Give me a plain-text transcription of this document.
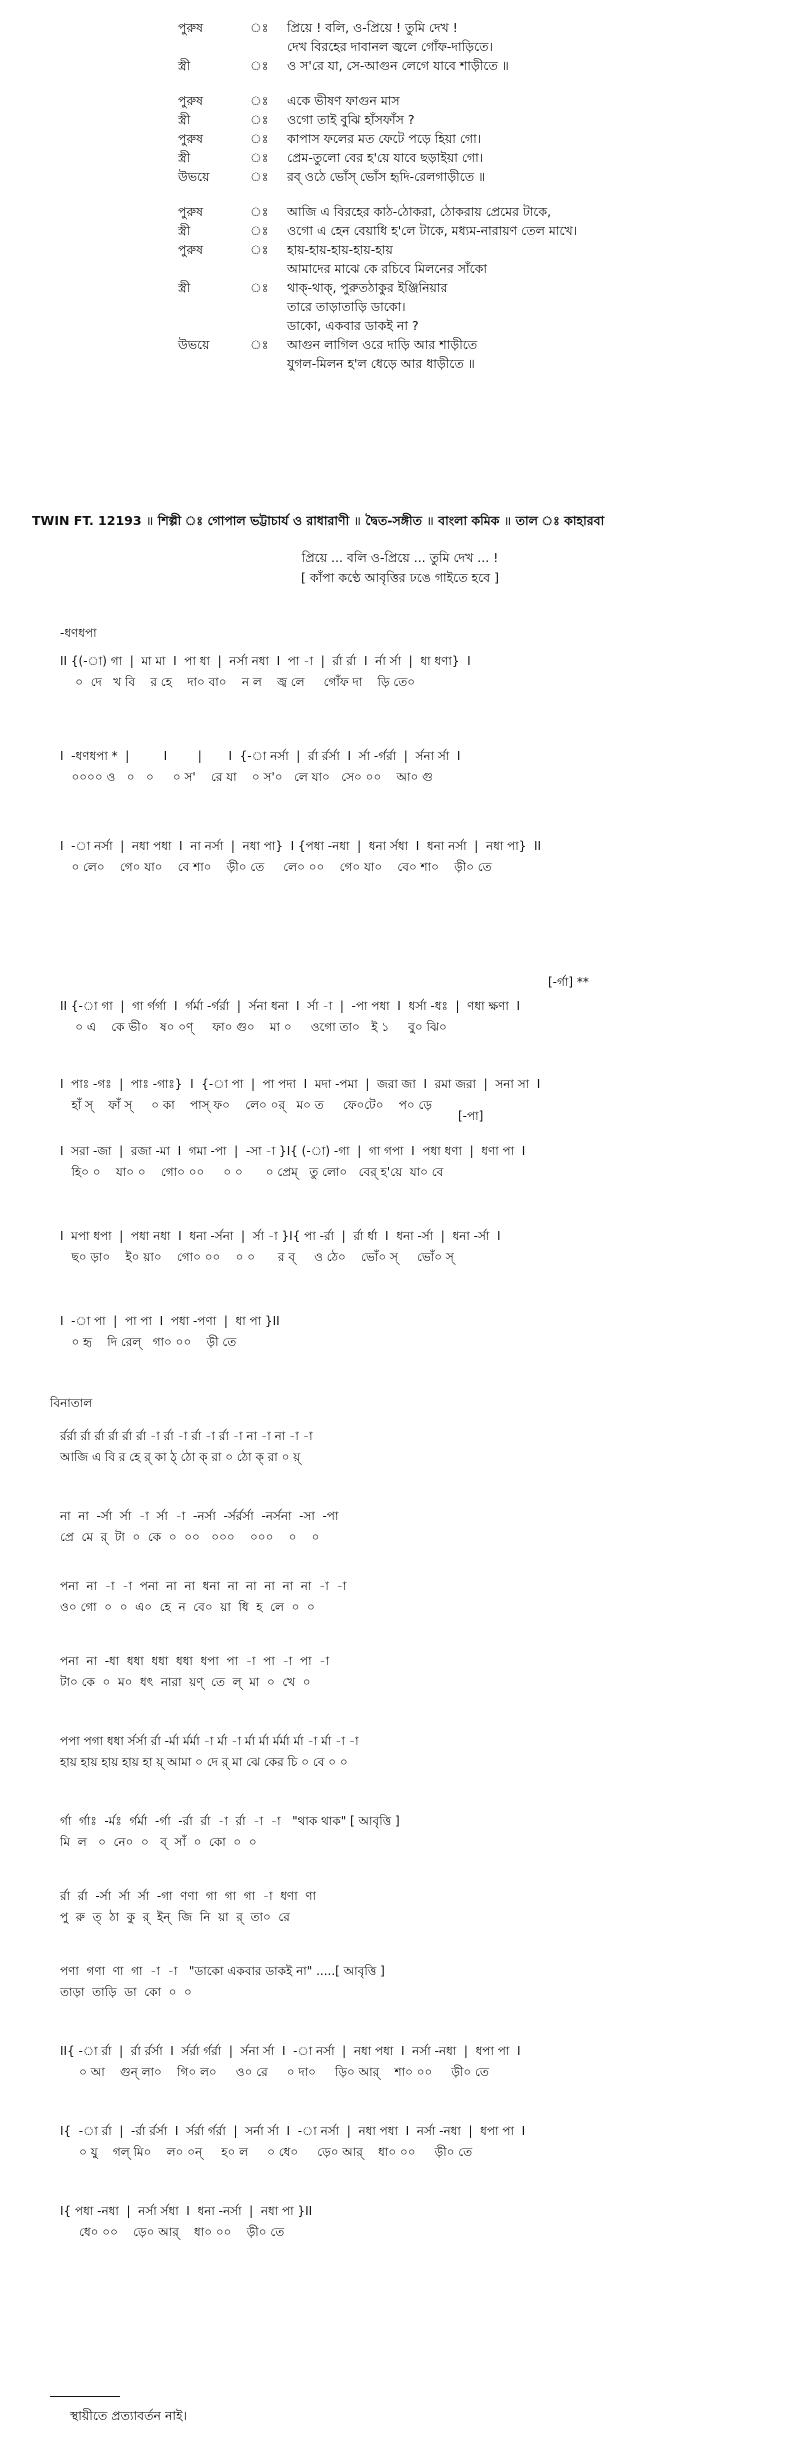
পুরুষ	ঃ প্রিয়ে ! বলি, ও-প্রিয়ে ! তুমি দেখ !
দেখ বিরহের দাবানল জ্বলে গোঁফ-দাড়িতে।
স্ত্রী	ঃ ও স'রে যা, সে-আগুন লেগে যাবে শাড়ীতে ॥
পুরুষ	ঃ একে ভীষণ ফাগুন মাস
স্ত্রী	ঃ ওগো তাই বুঝি হাঁসফাঁস ?
পুরুষ	ঃ কাপাস ফলের মত ফেটে পড়ে হিয়া গো।
স্ত্রী	ঃ প্রেম-তুলো বের হ'য়ে যাবে ছড়াইয়া গো।
উভয়ে	ঃ রব্ ওঠে ভোঁস্ ভোঁস হৃদি-রেলগাড়ীতে ॥
পুরুষ	ঃ আজি এ বিরহের কাঠ-ঠোকরা, ঠোকরায় প্রেমের টাকে,
স্ত্রী	ঃ ওগো এ হেন বেয়াধি হ'লে টাকে, মধ্যম-নারায়ণ তেল মাখে।
পুরুষ	ঃ হায়-হায়-হায়-হায়-হায়
আমাদের মাঝে কে রচিবে মিলনের সাঁকো
স্ত্রী	ঃ থাক্-থাক্, পুরুতঠাকুর ইঞ্জিনিয়ার
তারে তাড়াতাড়ি ডাকো।
ডাকো, একবার ডাকই না ?
উভয়ে	ঃ আগুন লাগিল ওরে দাড়ি আর শাড়ীতে
যুগল-মিলন হ'ল ধেড়ে আর ধাড়ীতে ॥
TWIN FT. 12193 ॥ শিল্পী ঃ গোপাল ভট্টাচার্য ও রাধারাণী ॥ দ্বৈত-সঙ্গীত ॥ বাংলা কমিক ॥ তাল ঃ কাহারবা
প্রিয়ে ... বলি ও-প্রিয়ে ... তুমি দেখ ... !
[ কাঁপা কণ্ঠে আবৃত্তির ঢঙে গাইতে হবে ]
-ধণধপা
[-র্গা] **
[-পা]
বিনাতাল
II {(-া) গা  |  মা মা  I  পা ধা  |  নর্সা নধা  I  পা -া  |  র্রা র্রা  I  র্না র্সা  |  ধা ধণা}  I
০  দে   খ বি    র হে    দা০ বা০    ন ল    জ্ব লে     গোঁফ দা    ড়ি তে০
I  -ধণধপা *  |         I        |       I  {-া নর্সা  |  র্রা র্রর্সা  I  র্সা -র্গর্রা  |  র্সনা র্সা  I
০০০০ ও   ০   ০     ০ স'    রে যা    ০ স'০   লে যা০   সে০ ০০    আ০ গু
I  -া নর্সা  |  নধা পধা  I  না নর্সা  |  নধা পা}  I {পধা -নধা  |  ধনা র্সধা  I  ধনা নর্সা  |  নধা পা}  II
০ লে০    গে০ যা০    বে শা০    ড়ী০ তে     লে০ ০০    গে০ যা০    বে০ শা০    ড়ী০ তে
II {-া গা  |  গা র্গর্গা  I  র্গর্মা -র্গর্রা  |  র্সনা ধনা  I  র্সা -া  |  -পা পধা  I  ধর্সা -ধঃ  |  ণধা ক্ষণা  I
০ এ    কে ভী০   ষ০ ০ণ্     ফা০ গু০    মা ০     ওগো তা০   ই ১     বু০ ঝি০
I  পাঃ -গঃ  |  পাঃ -গাঃ}  I  {-া পা  |  পা পদা  I  মদা -পমা  |  জরা জা  I  রমা জরা  |  সনা সা  I
হাঁ স্    ফাঁ স্     ০ কা    পাস্ ফ০    লে০ ০র্   ম০ ত     ফে০টে০    প০ ড়ে
I  সরা -জা  |  রজা -মা  I  গমা -পা  |  -সা -া }I{ (-া) -গা  |  গা গপা  I  পধা ধণা  |  ধণা পা  I
হি০ ০    যা০ ০    গো০ ০০     ০ ০      ০ প্রেম্   তু লো০   বের্ হ'য়ে  যা০ বে
I  মপা ধপা  |  পধা নধা  I  ধনা -র্সনা  |  র্সা -া }I{ পা -র্রা  |  র্রা র্ধা  I  ধনা -র্সা  |  ধনা -র্সা  I
ছ০ ড়া০    ই০ য়া০    গো০ ০০    ০ ০      র ব্     ও ঠে০    ভোঁ০ স্     ভোঁ০ স্
I  -া পা  |  পা পা  I  পধা -পণা  |  ধা পা }II
০ হৃ    দি রেল্   গা০ ০০    ড়ী তে
র্রর্রা র্রা র্রা র্রা র্রা র্রা -া র্রা -া র্রা -া র্রা -া না -া না -া -া
আজি এ বি র হে র্ কা ঠ্ ঠো ক্ রা ০ ঠো ক্ রা ০ য়্
না  না  -র্সা  র্সা  -া  র্সা  -া  -নর্সা  -র্সর্রর্সা  -নর্সনা  -সা  -পা
প্রে  মে  র্  টা  ০  কে  ০  ০০   ০০০    ০০০    ০    ০
পনা  না  -া  -া  পনা  না  না  ধনা  না  না  না  না  না  -া  -া
ও০ গো  ০  ০  এ০  হে  ন  বে০  য়া  ধি  হ  লে  ০  ০
পনা  না  -ধা  ধধা  ধধা  ধধা  ধপা  পা  -া  পা  -া  পা  -া
টা০ কে  ০  ম০  ধৎ  নারা  য়ণ্  তে  ল্  মা  ০  খে  ০
পপা পগা ধধা র্সর্সা র্রা -র্মা র্মর্মা -া র্মা -া র্মা র্মা র্মর্মা র্মা -া র্মা -া -া
হায় হায় হায় হায় হা য়্ আমা ০ দে র্ মা ঝে কের চি ০ বে ০ ০
র্গা  র্গাঃ  -র্মঃ  র্গর্মা  -র্গা  -র্রা  র্রা  -া  র্রা  -া  -া   "থাক থাক" [ আবৃত্তি ]
মি  ল   ০  নে০  ০   ব্  সাঁ  ০  কো  ০  ০
র্রা  র্রা  -র্সা  র্সা  র্সা  -গা  ণণা  গা  গা  গা  -া  ধণা  ণা
পু  রু  ত্  ঠা  কু  র্  ইন্  জি  নি  য়া  র্  তা০  রে
পণা  গণা  ণা  গা  -া  -া   "ডাকো একবার ডাকই না" .....[ আবৃত্তি ]
তাড়া  তাড়ি  ডা  কো  ০  ০
II{ -া র্রা  |  র্রা র্রর্সা  I  র্সর্রা র্গর্রা  |  র্সনা র্সা  I  -া নর্সা  |  নধা পধা  I  নর্সা -নধা  |  ধপা পা  I
০ আ    গুন্ লা০    গি০ ল০     ও০ রে     ০ দা০     ড়ি০ আর্    শা০ ০০     ড়ী০ তে
I{  -া র্রা  |  -র্রা র্রর্সা  I  র্সর্রা র্গর্রা  |  সর্না র্সা  I  -া নর্সা  |  নধা পধা  I  নর্সা -নধা  |  ধপা পা  I
০ যু    গল্ মি০    ল০ ০ন্     হ০ ল     ০ ধে০     ড়ে০ আর্    ধা০ ০০     ড়ী০ তে
I{ পধা -নধা  |  নর্সা র্সধা  I  ধনা -নর্সা  |  নধা পা }II
ধে০ ০০    ড়ে০ আর্    ধা০ ০০    ড়ী০ তে
স্থায়ীতে প্রত্যাবর্তন নাই।
